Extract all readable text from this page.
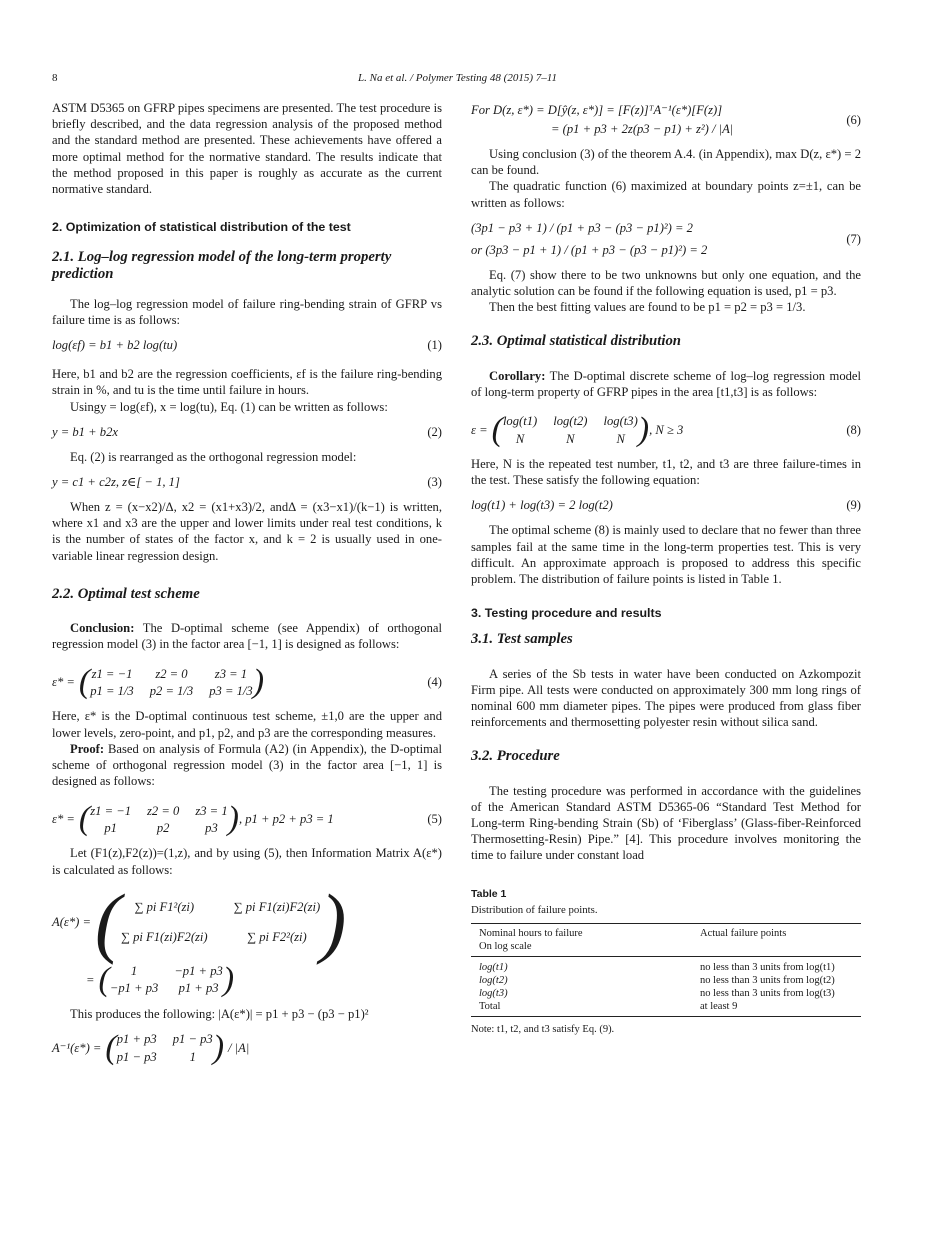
8	L. Na et al. / Polymer Testing 48 (2015) 7–11

ASTM D5365 on GFRP pipes specimens are presented. The test procedure is briefly described, and the data regression analysis of the proposed method and the standard method are presented. These achievements have offered a more optimal method for the normative standard. The results indicate that the method proposed in this paper is roughly as accurate as the current normative standard.

2. Optimization of statistical distribution of the test
2.1. Log–log regression model of the long-term property prediction

The log–log regression model of failure ring-bending strain of GFRP vs failure time is as follows:

log(εf) = b1 + b2 log(tu)	(1)

Here, b1 and b2 are the regression coefficients, εf is the failure ring-bending strain in %, and tu is the time until failure in hours.

Usingy = log(εf), x = log(tu), Eq. (1) can be written as follows:

y = b1 + b2x	(2)

Eq. (2) is rearranged as the orthogonal regression model:

y = c1 + c2z, z∈[ − 1, 1]	(3)

When z = (x−x2)/Δ, x2 = (x1+x3)/2, andΔ = (x3−x1)/(k−1) is written, where x1 and x3 are the upper and lower limits under real test conditions, k is the number of states of the factor x, and k = 2 is usually used in one-variable linear regression design.

2.2. Optimal test scheme

Conclusion: The D-optimal scheme (see Appendix) of orthogonal regression model (3) in the factor area [−1, 1] is designed as follows:

ε* = ( z1 = −1	z2 = 0	z3 = 1
p1 = 1/3 p2 = 1/3 p3 = 1/3 )	(4)

Here, ε* is the D-optimal continuous test scheme, ±1,0 are the upper and lower levels, zero-point, and p1, p2, and p3 are the corresponding measures.

Proof: Based on analysis of Formula (A2) (in Appendix), the D-optimal scheme of orthogonal regression model (3) in the factor area [−1, 1] is designed as follows:

ε* = ( z1 = −1 z2 = 0 z3 = 1
p1	p2	p3 ) , p1 + p2 + p3 = 1	(5)

Let (F1(z),F2(z))=(1,z), and by using (5), then Information Matrix A(ε*) is calculated as follows:

A(ε*) = (	∑ pi F1²(zi)	∑ pi F1(zi)F2(zi)
∑ pi F1(zi)F2(zi)	∑ pi F2²(zi) )
= (	1	−p1 + p3
−p1 + p3	p1 + p3 )

This produces the following: |A(ε*)| = p1 + p3 − (p3 − p1)²

A⁻¹(ε*) = ( p1 + p3 p1 − p3
p1 − p3	1 ) / |A|
For D(z, ε*) = D[ŷ(z, ε*)] = [F(z)]ᵀA⁻¹(ε*)[F(z)]
= (p1 + p3 + 2z(p3 − p1) + z²) / |A|
(6)

Using conclusion (3) of the theorem A.4. (in Appendix), max D(z, ε*) = 2 can be found.

The quadratic function (6) maximized at boundary points z=±1, can be written as follows:

(3p1 − p3 + 1) / (p1 + p3 − (p3 − p1)²) = 2
or (3p3 − p1 + 1) / (p1 + p3 − (p3 − p1)²) = 2
(7)

Eq. (7) show there to be two unknowns but only one equation, and the analytic solution can be found if the following equation is used, p1 = p3.

Then the best fitting values are found to be p1 = p2 = p3 = 1/3.

2.3. Optimal statistical distribution

Corollary: The D-optimal discrete scheme of log–log regression model of long-term property of GFRP pipes in the area [t1,t3] is as follows:

ε = ( log(t1) log(t2) log(t3)
N	N	N ) , N ≥ 3	(8)

Here, N is the repeated test number, t1, t2, and t3 are three failure-times in the test. These satisfy the following equation:

log(t1) + log(t3) = 2 log(t2)	(9)

The optimal scheme (8) is mainly used to declare that no fewer than three samples fail at the same time in the long-term properties test. This is very difficult. An approximate approach is proposed to address this specific problem. The distribution of failure points is listed in Table 1.

3. Testing procedure and results
3.1. Test samples

A series of the Sb tests in water have been conducted on Azkompozit Firm pipe. All tests were conducted on approximately 300 mm long rings of nominal 600 mm diameter pipes. The pipes were produced from glass fiber reinforcements and thermosetting polyester resin without silica sand.

3.2. Procedure

The testing procedure was performed in accordance with the guidelines of the American Standard ASTM D5365-06 “Standard Test Method for Long-term Ring-bending Strain (Sb) of ‘Fiberglass’ (Glass-fiber-Reinforced Thermosetting-Resin) Pipe.” [4]. This procedure involves monitoring the time to failure under constant load

Table 1
Distribution of failure points.
Nominal hours to failure
On log scale	Actual failure points
log(t1)	no less than 3 units from log(t1)
log(t2)	no less than 3 units from log(t2)
log(t3)	no less than 3 units from log(t3)
Total	at least 9
Note: t1, t2, and t3 satisfy Eq. (9).
